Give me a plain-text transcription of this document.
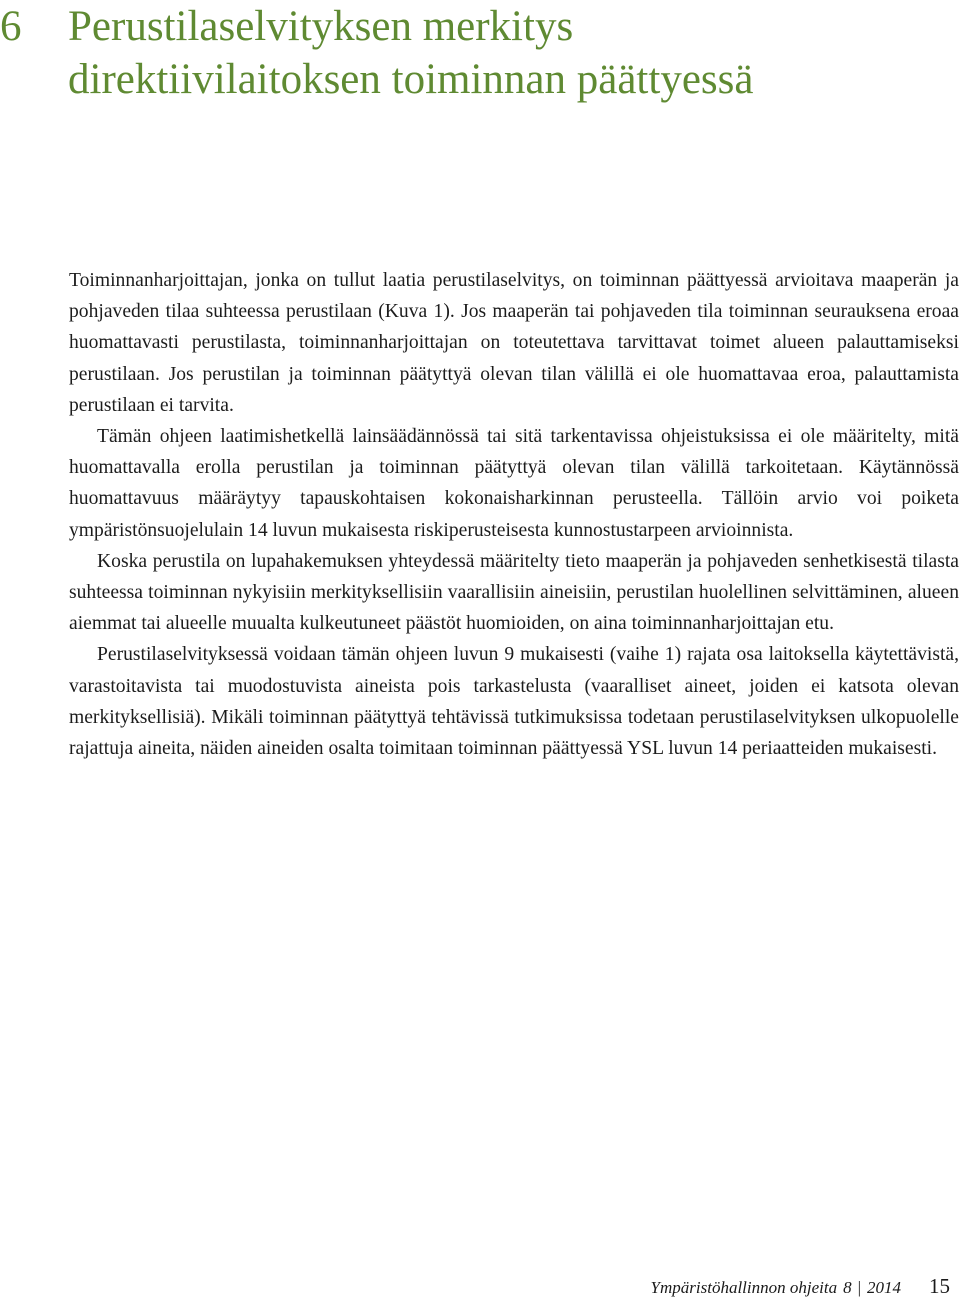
6 Perustilaselvityksen merkitys
direktiivilaitoksen toiminnan päättyessä

Toiminnanharjoittajan, jonka on tullut laatia perustilaselvitys, on toiminnan päättyessä arvioitava maaperän ja pohjaveden tilaa suhteessa perustilaan (Kuva 1). Jos maaperän tai pohjaveden tila toiminnan seurauksena eroaa huomattavasti perustilasta, toiminnanharjoittajan on toteutettava tarvittavat toimet alueen palauttamiseksi perustilaan. Jos perustilan ja toiminnan päätyttyä olevan tilan välillä ei ole huomattavaa eroa, palauttamista perustilaan ei tarvita.

Tämän ohjeen laatimishetkellä lainsäädännössä tai sitä tarkentavissa ohjeistuksissa ei ole määritelty, mitä huomattavalla erolla perustilan ja toiminnan päätyttyä olevan tilan välillä tarkoitetaan. Käytännössä huomattavuus määräytyy tapauskohtaisen kokonaisharkinnan perusteella. Tällöin arvio voi poiketa ympäristönsuojelulain 14 luvun mukaisesta riskiperusteisesta kunnostustarpeen arvioinnista.

Koska perustila on lupahakemuksen yhteydessä määritelty tieto maaperän ja pohjaveden senhetkisestä tilasta suhteessa toiminnan nykyisiin merkityksellisiin vaarallisiin aineisiin, perustilan huolellinen selvittäminen, alueen aiemmat tai alueelle muualta kulkeutuneet päästöt huomioiden, on aina toiminnanharjoittajan etu.

Perustilaselvityksessä voidaan tämän ohjeen luvun 9 mukaisesti (vaihe 1) rajata osa laitoksella käytettävistä, varastoitavista tai muodostuvista aineista pois tarkastelusta (vaaralliset aineet, joiden ei katsota olevan merkityksellisiä). Mikäli toiminnan päätyttyä tehtävissä tutkimuksissa todetaan perustilaselvityksen ulkopuolelle rajattuja aineita, näiden aineiden osalta toimitaan toiminnan päättyessä YSL luvun 14 periaatteiden mukaisesti.

Ympäristöhallinnon ohjeita 8 | 2014 15
